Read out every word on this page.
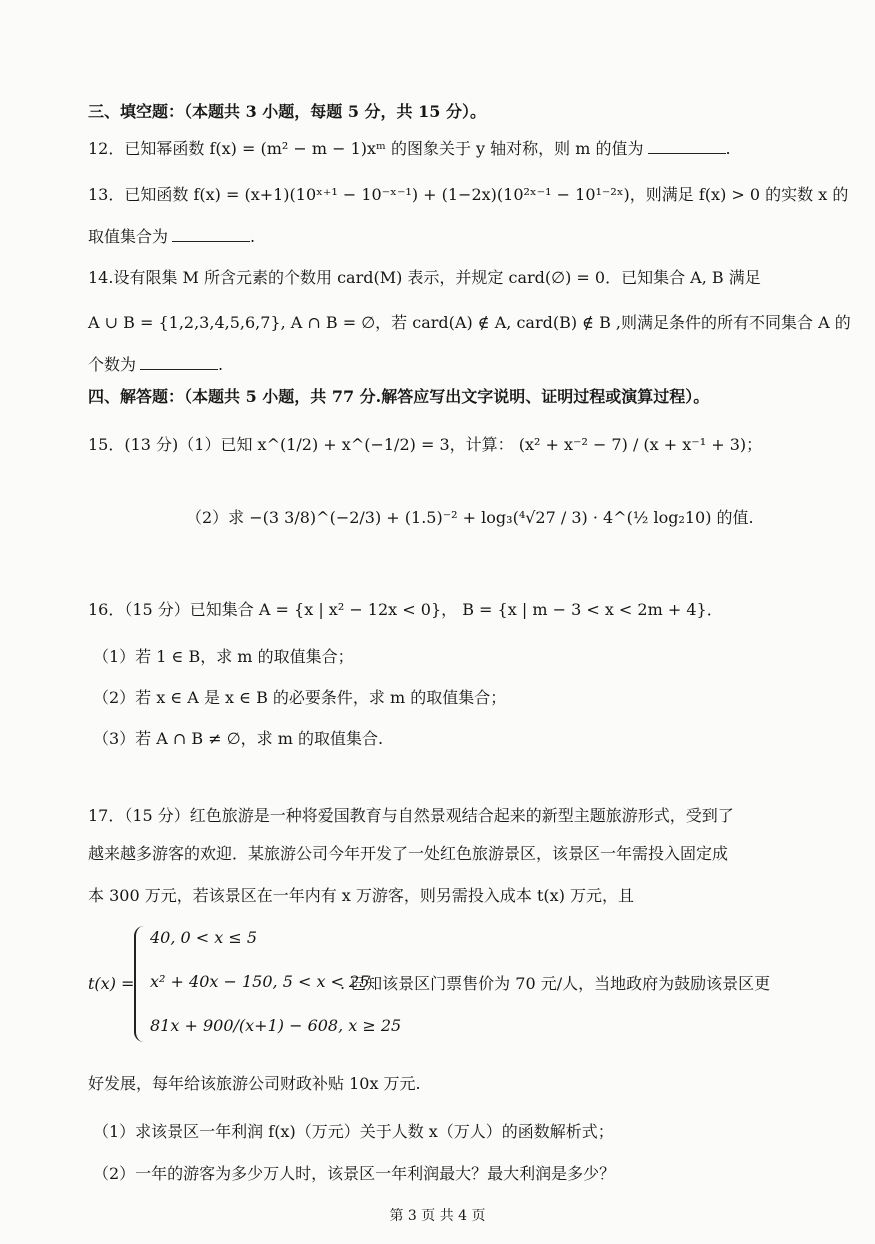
三、填空题：（本题共 3 小题，每题 5 分，共 15 分）。
12．已知幂函数 f(x) = (m² − m − 1)xᵐ 的图象关于 y 轴对称，则 m 的值为	.
13．已知函数 f(x) = (x+1)(10ˣ⁺¹ − 10⁻ˣ⁻¹) + (1−2x)(10²ˣ⁻¹ − 10¹⁻²ˣ)，则满足 f(x) > 0 的实数 x 的
取值集合为	.
14.设有限集 M 所含元素的个数用 card(M) 表示，并规定 card(∅) = 0．已知集合 A, B 满足
A ∪ B = {1,2,3,4,5,6,7}, A ∩ B = ∅，若 card(A) ∉ A, card(B) ∉ B ,则满足条件的所有不同集合 A 的
个数为	.
四、解答题：（本题共 5 小题，共 77 分.解答应写出文字说明、证明过程或演算过程）。
15．(13 分)（1）已知 x^(1/2) + x^(−1/2) = 3，计算： (x² + x⁻² − 7) / (x + x⁻¹ + 3)；
（2）求 −(3 3/8)^(−2/3) + (1.5)⁻² + log₃(⁴√27 / 3) · 4^(½ log₂10) 的值.
16．（15 分）已知集合 A = {x | x² − 12x < 0}， B = {x | m − 3 < x < 2m + 4}．
（1）若 1 ∈ B，求 m 的取值集合；
（2）若 x ∈ A 是 x ∈ B 的必要条件，求 m 的取值集合；
（3）若 A ∩ B ≠ ∅，求 m 的取值集合.
17．（15 分）红色旅游是一种将爱国教育与自然景观结合起来的新型主题旅游形式，受到了
越来越多游客的欢迎．某旅游公司今年开发了一处红色旅游景区，该景区一年需投入固定成
本 300 万元，若该景区在一年内有 x 万游客，则另需投入成本 t(x) 万元，且
t(x) =
40, 0 < x ≤ 5
x² + 40x − 150, 5 < x < 25
81x + 900/(x+1) − 608, x ≥ 25
. 已知该景区门票售价为 70 元/人，当地政府为鼓励该景区更
好发展，每年给该旅游公司财政补贴 10x 万元.
（1）求该景区一年利润 f(x)（万元）关于人数 x（万人）的函数解析式；
（2）一年的游客为多少万人时，该景区一年利润最大？最大利润是多少？
第 3 页 共 4 页
